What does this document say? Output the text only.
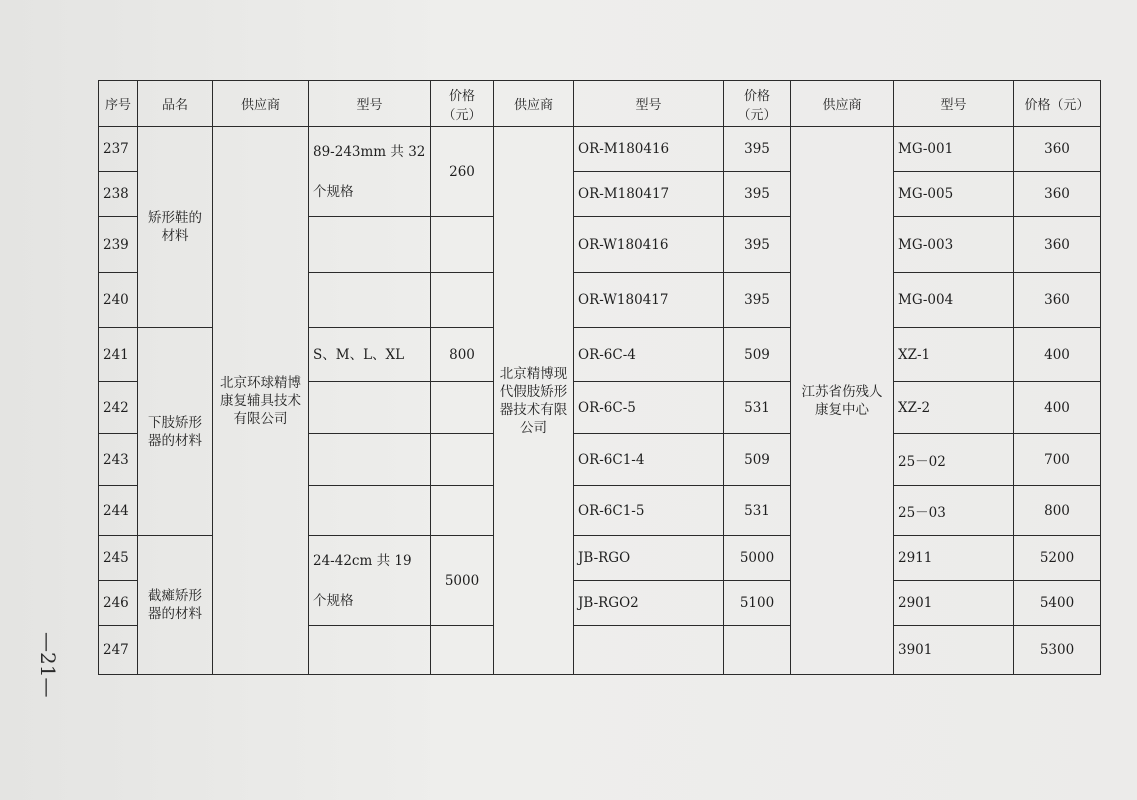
序号	品名	供应商	型号	价格（元）	供应商	型号	价格（元）	供应商	型号	价格（元）
237	矫形鞋的材料	北京环球精博康复辅具技术有限公司	89-243mm 共 32 个规格	260	北京精博现代假肢矫形器技术有限公司	OR-M180416	395	江苏省伤残人康复中心	MG-001	360
238						OR-M180417	395		MG-005	360
239						OR-W180416	395		MG-003	360
240						OR-W180417	395		MG-004	360
241	下肢矫形器的材料		S、M、L、XL	800		OR-6C-4	509		XZ-1	400
242						OR-6C-5	531		XZ-2	400
243						OR-6C1-4	509		25－02	700
244						OR-6C1-5	531		25－03	800
245	截瘫矫形器的材料		24-42cm 共 19 个规格	5000		JB-RGO	5000		2911	5200
246						JB-RGO2	5100		2901	5400
247									3901	5300
—21—
